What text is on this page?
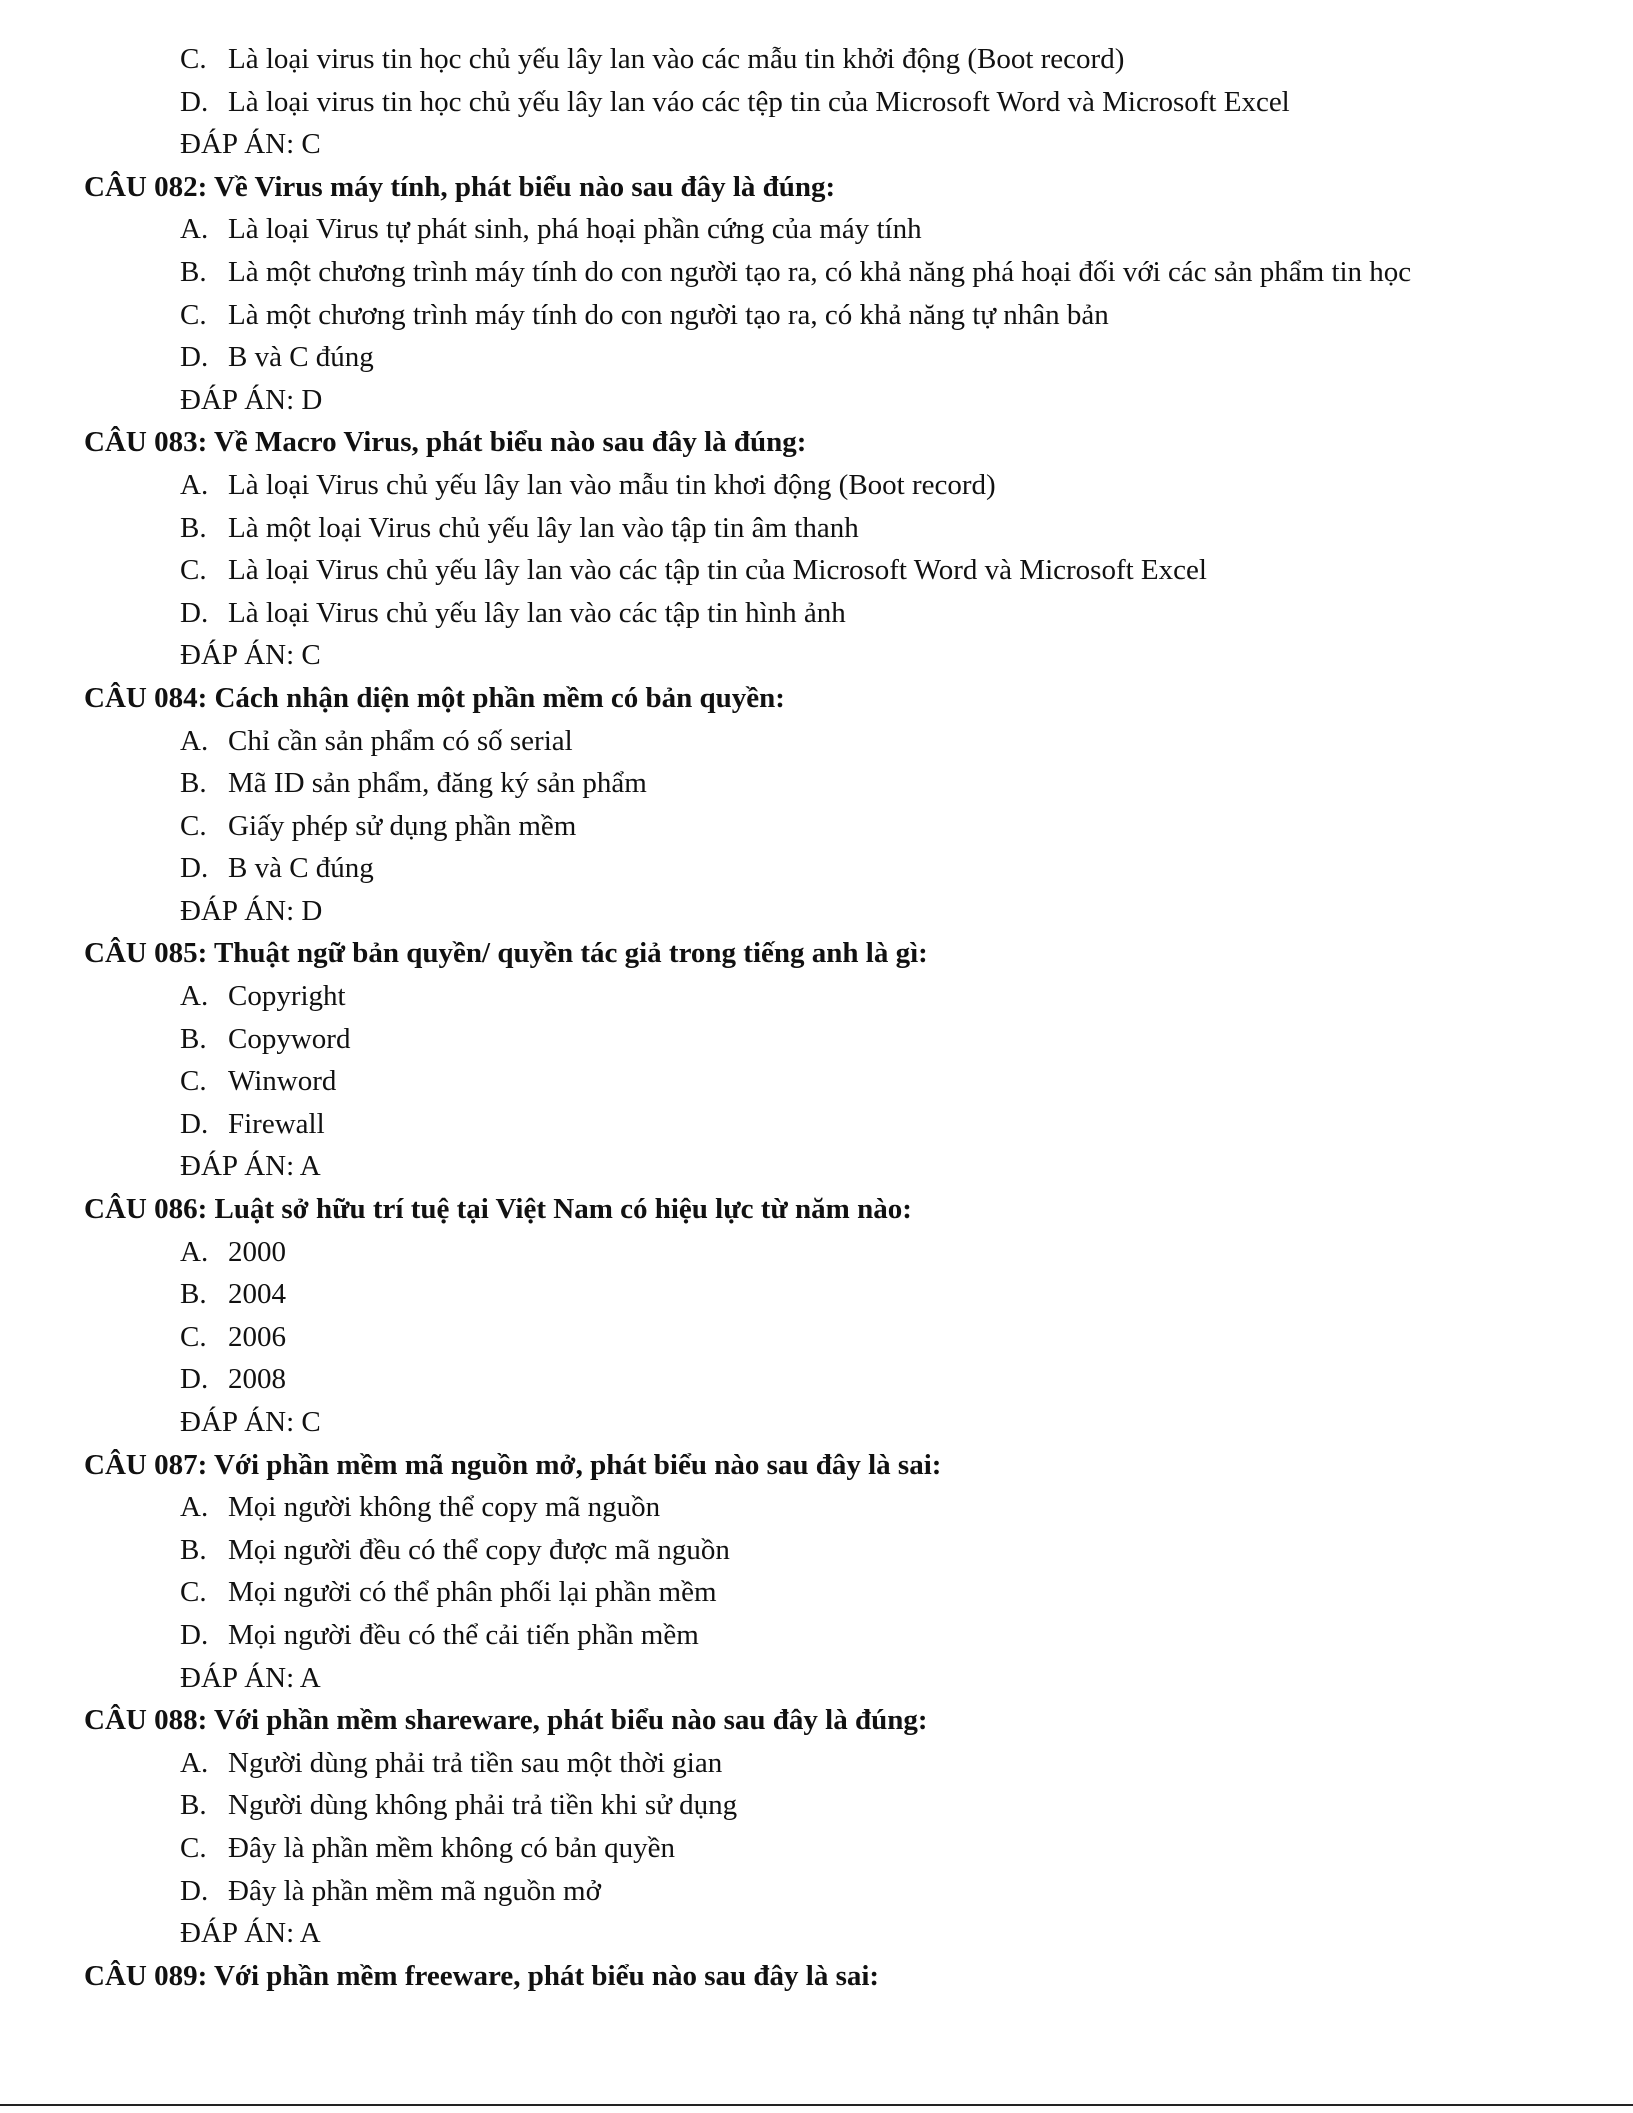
C. Là loại virus tin học chủ yếu lây lan vào các mẫu tin khởi động (Boot record)
D. Là loại virus tin học chủ yếu lây lan váo các tệp tin của Microsoft Word và Microsoft Excel
ĐÁP ÁN: C
CÂU 082: Về Virus máy tính, phát biểu nào sau đây là đúng:
A. Là loại Virus tự phát sinh, phá hoại phần cứng của máy tính
B. Là một chương trình máy tính do con người tạo ra, có khả năng phá hoại đối với các sản phẩm tin học
C. Là một chương trình máy tính do con người tạo ra, có khả năng tự nhân bản
D. B và C đúng
ĐÁP ÁN: D
CÂU 083: Về Macro Virus, phát biểu nào sau đây là đúng:
A. Là loại Virus chủ yếu lây lan vào mẫu tin khơi động (Boot record)
B. Là một loại Virus chủ yếu lây lan vào tập tin âm thanh
C. Là loại Virus chủ yếu lây lan vào các tập tin của Microsoft Word và Microsoft Excel
D. Là loại Virus chủ yếu lây lan vào các tập tin hình ảnh
ĐÁP ÁN: C
CÂU 084: Cách nhận diện một phần mềm có bản quyền:
A. Chỉ cần sản phẩm có số serial
B. Mã ID sản phẩm, đăng ký sản phẩm
C. Giấy phép sử dụng phần mềm
D. B và C đúng
ĐÁP ÁN: D
CÂU 085: Thuật ngữ bản quyền/ quyền tác giả trong tiếng anh là gì:
A. Copyright
B. Copyword
C. Winword
D. Firewall
ĐÁP ÁN: A
CÂU 086: Luật sở hữu trí tuệ tại Việt Nam có hiệu lực từ năm nào:
A. 2000
B. 2004
C. 2006
D. 2008
ĐÁP ÁN: C
CÂU 087: Với phần mềm mã nguồn mở, phát biểu nào sau đây là sai:
A. Mọi người không thể copy mã nguồn
B. Mọi người đều có thể copy được mã nguồn
C. Mọi người có thể phân phối lại phần mềm
D. Mọi người đều có thể cải tiến phần mềm
ĐÁP ÁN: A
CÂU 088: Với phần mềm shareware, phát biểu nào sau đây là đúng:
A. Người dùng phải trả tiền sau một thời gian
B. Người dùng không phải trả tiền khi sử dụng
C. Đây là phần mềm không có bản quyền
D. Đây là phần mềm mã nguồn mở
ĐÁP ÁN: A
CÂU 089: Với phần mềm freeware, phát biểu nào sau đây là sai:
